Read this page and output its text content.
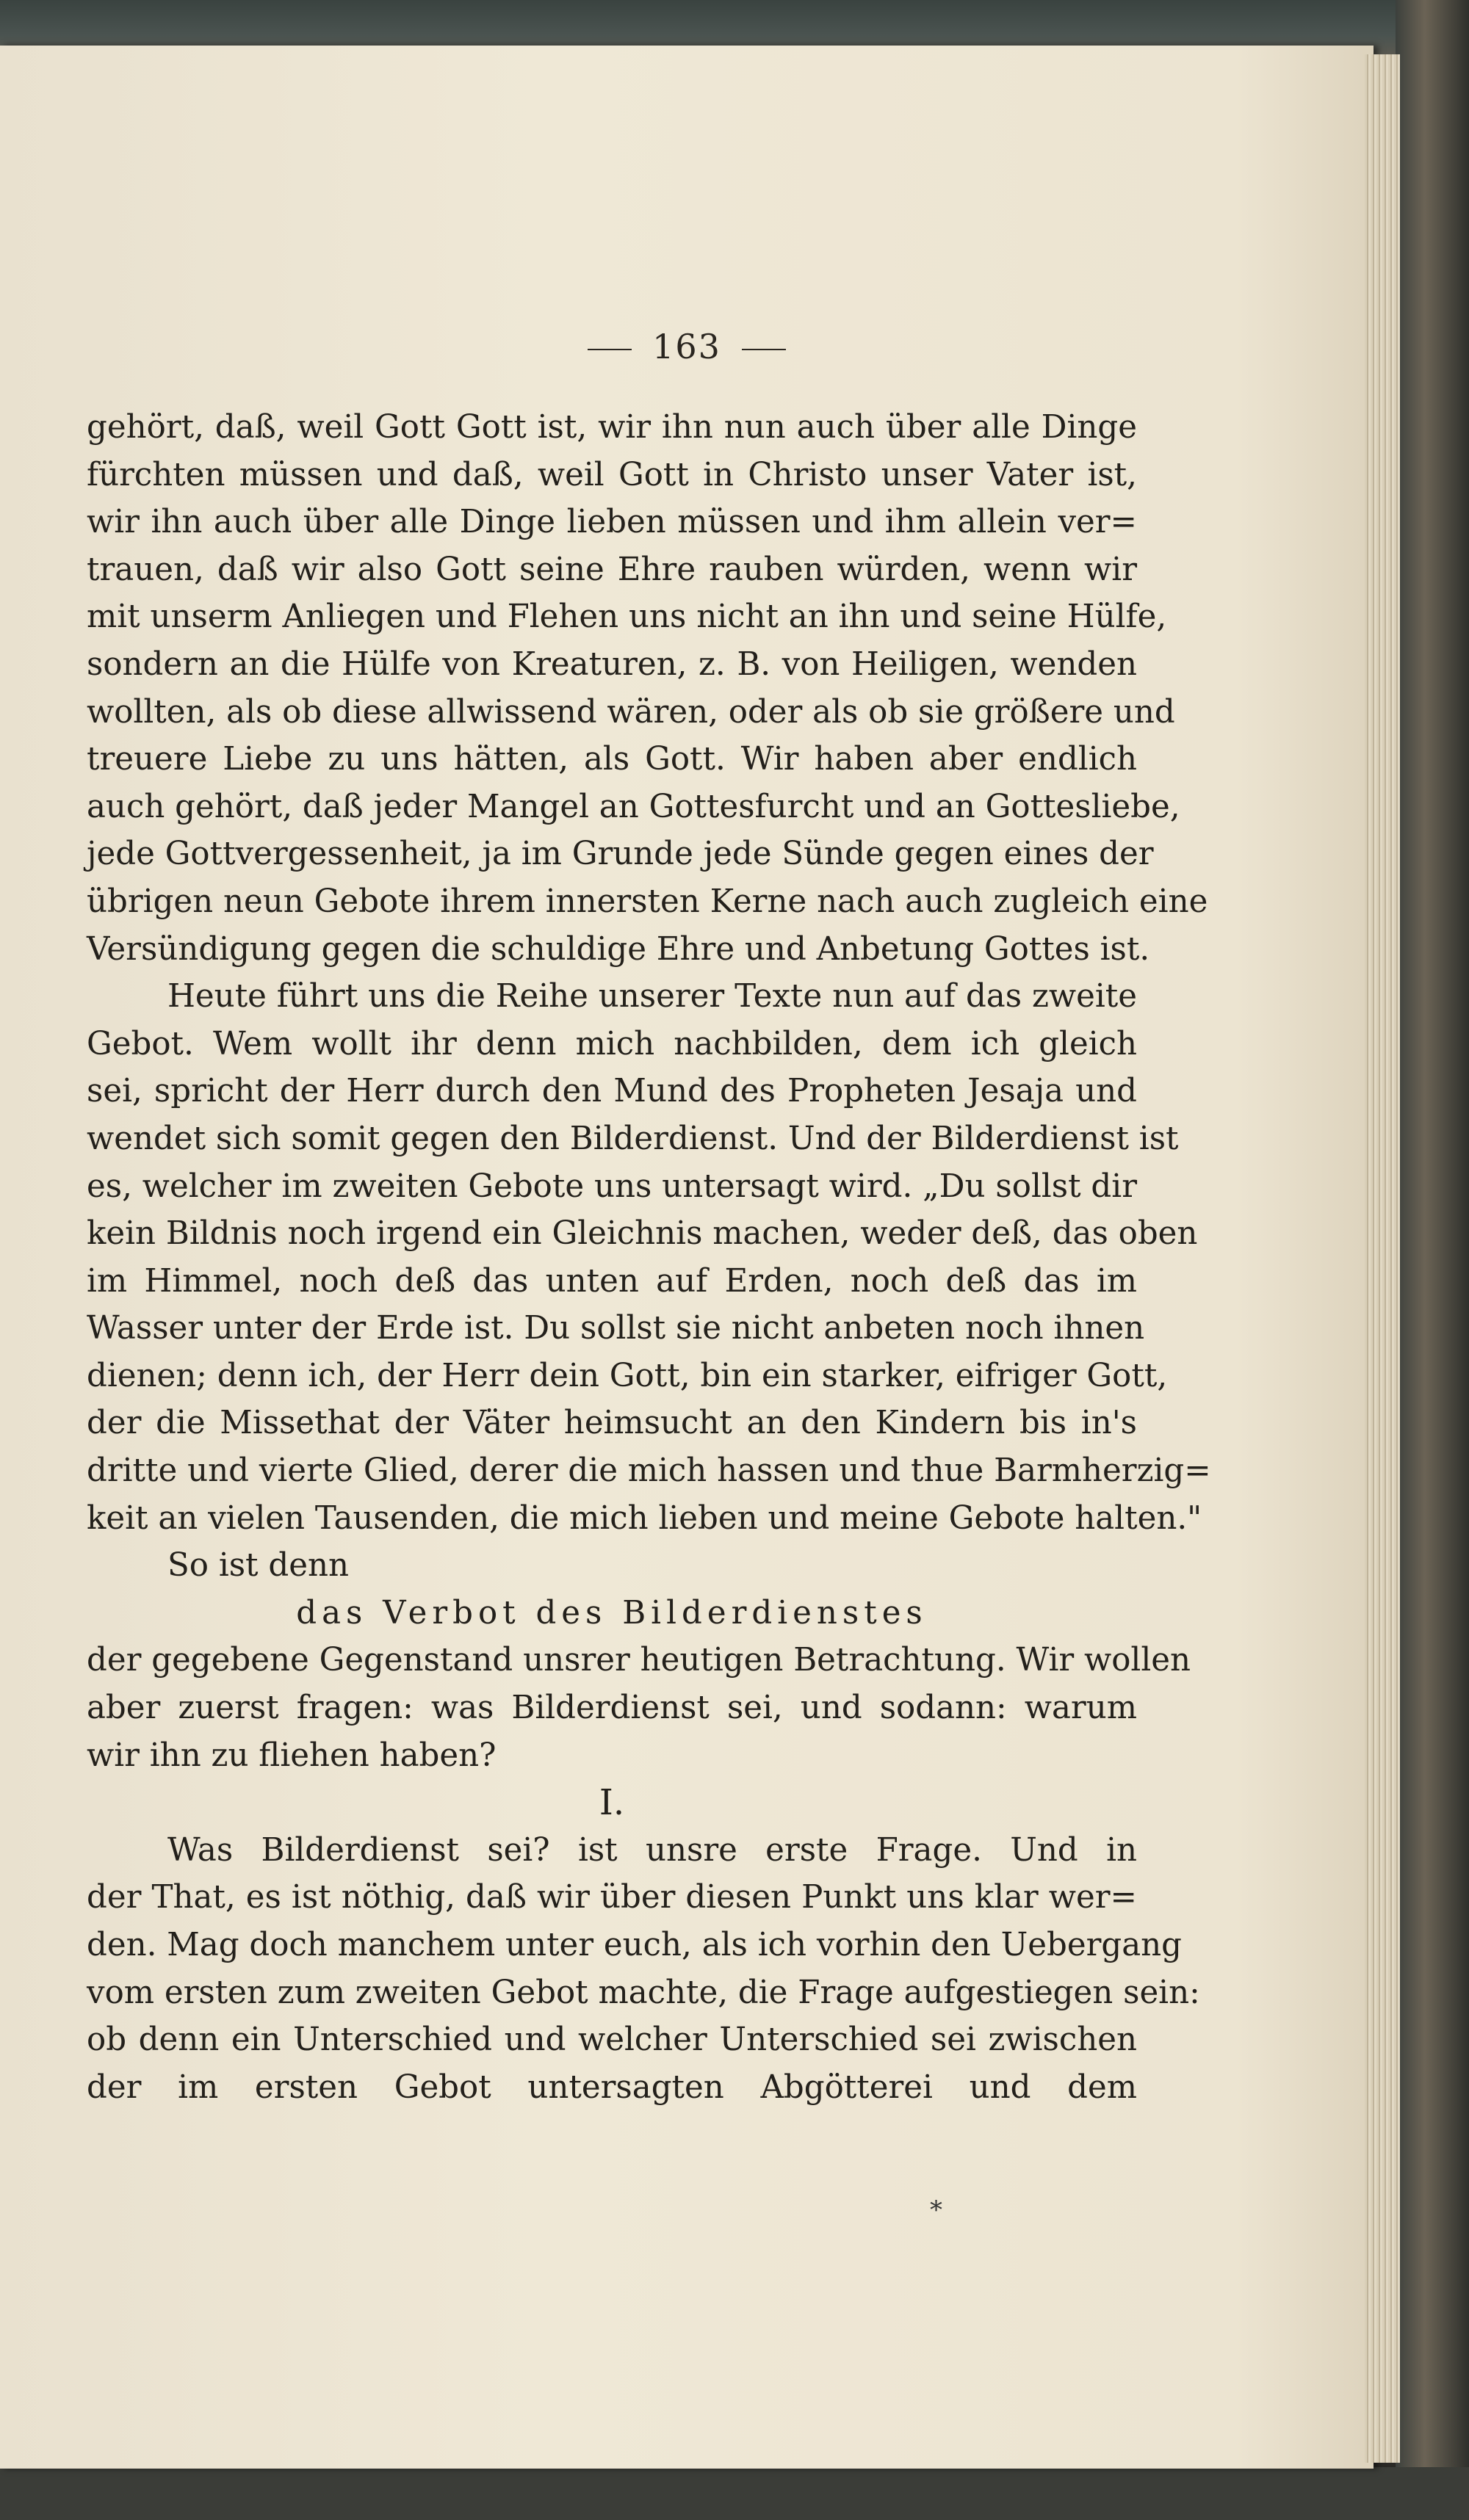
163
gehört, daß, weil Gott Gott ist, wir ihn nun auch über alle Dinge
fürchten müssen und daß, weil Gott in Christo unser Vater ist,
wir ihn auch über alle Dinge lieben müssen und ihm allein ver=
trauen, daß wir also Gott seine Ehre rauben würden, wenn wir
mit unserm Anliegen und Flehen uns nicht an ihn und seine Hülfe,
sondern an die Hülfe von Kreaturen, z. B. von Heiligen, wenden
wollten, als ob diese allwissend wären, oder als ob sie größere und
treuere Liebe zu uns hätten, als Gott. Wir haben aber endlich
auch gehört, daß jeder Mangel an Gottesfurcht und an Gottesliebe,
jede Gottvergessenheit, ja im Grunde jede Sünde gegen eines der
übrigen neun Gebote ihrem innersten Kerne nach auch zugleich eine
Versündigung gegen die schuldige Ehre und Anbetung Gottes ist.
Heute führt uns die Reihe unserer Texte nun auf das zweite
Gebot. Wem wollt ihr denn mich nachbilden, dem ich gleich
sei, spricht der Herr durch den Mund des Propheten Jesaja und
wendet sich somit gegen den Bilderdienst. Und der Bilderdienst ist
es, welcher im zweiten Gebote uns untersagt wird. „Du sollst dir
kein Bildnis noch irgend ein Gleichnis machen, weder deß, das oben
im Himmel, noch deß das unten auf Erden, noch deß das im
Wasser unter der Erde ist. Du sollst sie nicht anbeten noch ihnen
dienen; denn ich, der Herr dein Gott, bin ein starker, eifriger Gott,
der die Missethat der Väter heimsucht an den Kindern bis in's
dritte und vierte Glied, derer die mich hassen und thue Barmherzig=
keit an vielen Tausenden, die mich lieben und meine Gebote halten."
So ist denn
das Verbot des Bilderdienstes
der gegebene Gegenstand unsrer heutigen Betrachtung. Wir wollen
aber zuerst fragen: was Bilderdienst sei, und sodann: warum
wir ihn zu fliehen haben?
I.
Was Bilderdienst sei? ist unsre erste Frage. Und in
der That, es ist nöthig, daß wir über diesen Punkt uns klar wer=
den. Mag doch manchem unter euch, als ich vorhin den Uebergang
vom ersten zum zweiten Gebot machte, die Frage aufgestiegen sein:
ob denn ein Unterschied und welcher Unterschied sei zwischen
der im ersten Gebot untersagten Abgötterei und dem
*
